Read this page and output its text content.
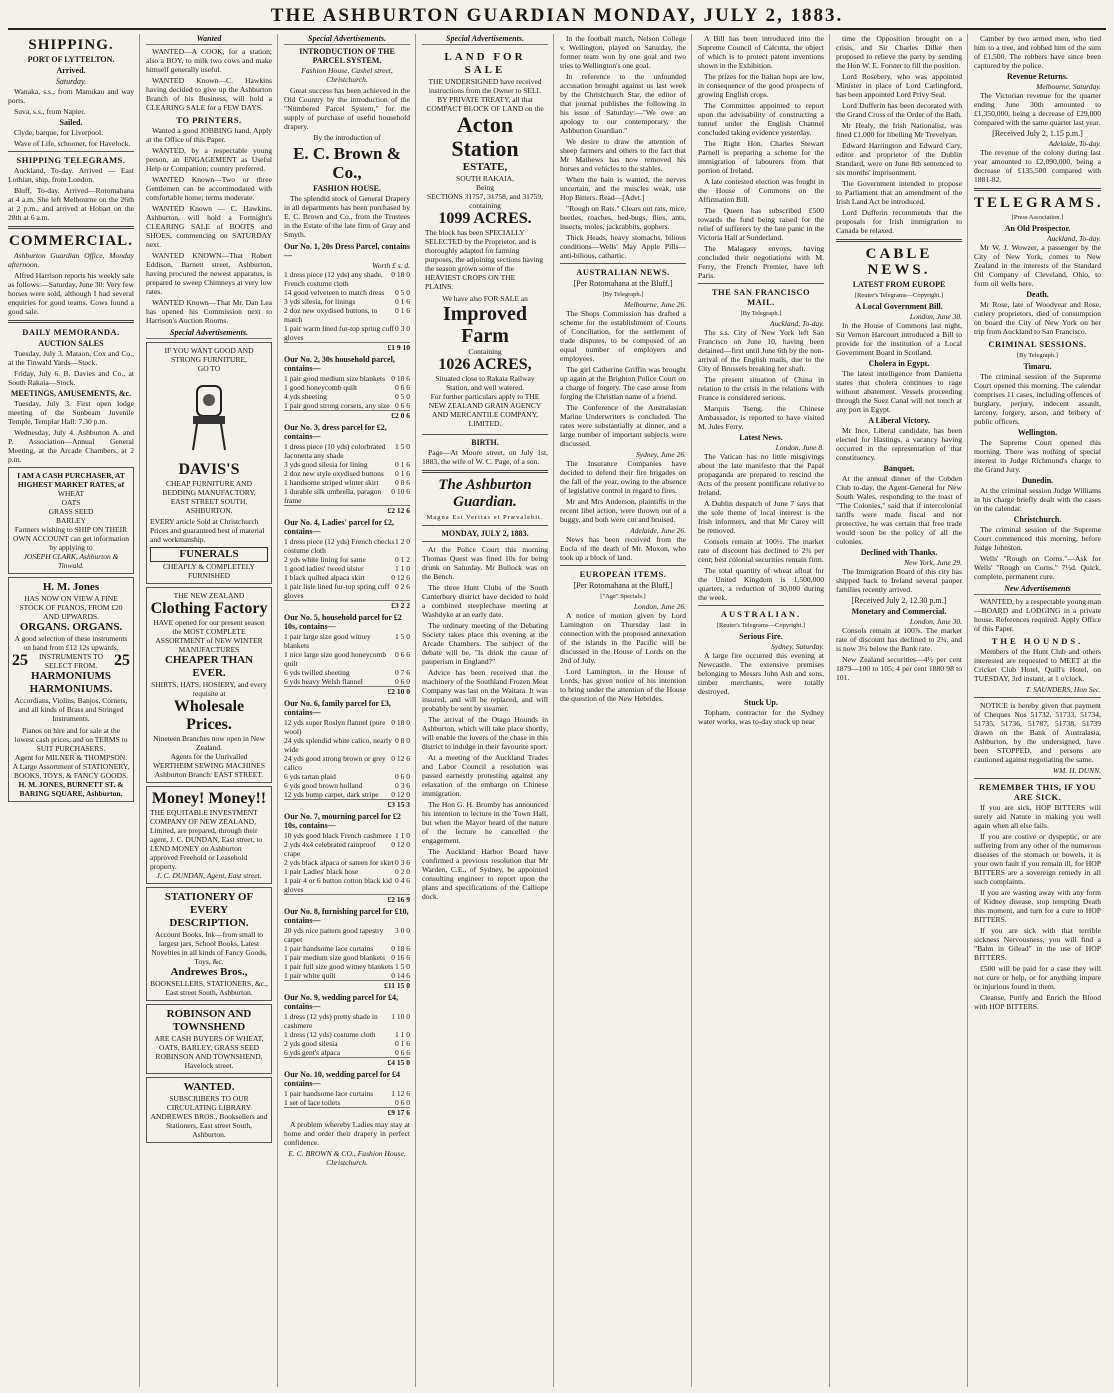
THE ASHBURTON GUARDIAN MONDAY, JULY 2, 1883.
SHIPPING.
PORT OF LYTTELTON.
Arrived.
Saturday.

Wanaka, s.s., from Manukau and way ports.

Suva, s.s., from Napier.

Sailed.

Clyde, barque, for Liverpool.

Wave of Life, schooner, for Havelock.

SHIPPING TELEGRAMS.

Auckland, To-day. Arrived — East Lothian, ship, from London.

Bluff, To-day. Arrived—Rotomahana at 4 a.m. She left Melbourne on the 26th at 2 p.m., and arrived at Hobart on the 28th at 6 a.m.

COMMERCIAL.

Ashburton Guardian Office, Monday afternoon.

Alfred Harrison reports his weekly sale as follows:—Saturday, June 30: Very few horses were sold, although I had several enquiries for good teams. Cows found a good sale.

DAILY MEMORANDA.
AUCTION SALES

Tuesday, July 3. Mataon, Cox and Co., at the Tinwald Yards—Stock.

Friday, July 6. B. Davies and Co., at South Rakaia—Stock.

MEETINGS, AMUSEMENTS, &c.

Tuesday, July 3. First open lodge meeting of the Sunbeam Juvenile Temple, Templar Hall: 7.30 p.m.

Wednesday, July 4. Ashburton A. and P. Association—Annual General Meeting, at the Arcade Chambers, at 2 p.m.

I AM A CASH PURCHASER, AT HIGHEST MARKET RATES, of
WHEAT
OATS
GRASS SEED
BARLEY
Farmers wishing to SHIP ON THEIR OWN ACCOUNT can get information by applying to
JOSEPH CLARK, Ashburton & Tinwald.
H. M. Jones
HAS NOW ON VIEW A FINE STOCK OF PIANOS, FROM £20 AND UPWARDS.
ORGANS. ORGANS.
A good selection of these instruments on hand from £12 12s upwards.
25	INSTRUMENTS TO SELECT FROM.	25
HARMONIUMS HARMONIUMS.
Accordians, Violins, Banjos, Cornets, and all kinds of Brass and Stringed Instruments.
Pianos on hire and for sale at the lowest cash prices, and on TERMS to SUIT PURCHASERS.
Agent for MILNER & THOMPSON.
A Large Assortment of STATIONERY, BOOKS, TOYS, & FANCY GOODS.
H. M. JONES, BURNETT ST. & BARING SQUARE, Ashburton.
Wanted

WANTED—A COOK, for a station; also a BOY, to milk two cows and make himself generally useful.

WANTED Known—C. Hawkins having decided to give up the Ashburton Branch of his Business, will hold a CLEARING SALE for a FEW DAYS.

TO PRINTERS.

Wanted a good JOBBING hand. Apply at the Office of this Paper.

WANTED, by a respectable young person, an ENGAGEMENT as Useful Help or Companion; country preferred.

WANTED Known—Two or three Gentlemen can be accommodated with comfortable home; terms moderate.

WANTED Known — C. Hawkins, Ashburton, will hold a Fortnight's CLEARING SALE of BOOTS and SHOES, commencing on SATURDAY next.

WANTED KNOWN—That Robert Eddison, Barnett street, Ashburton, having procured the newest apparatus, is prepared to sweep Chimneys at very low rates.

WANTED Known—That Mr. Dan Lea has opened his Commission next to Harrison's Auction Rooms.

Special Advertisements.
IF YOU WANT GOOD AND STRONG FURNITURE,
GO TO
DAVIS'S
CHEAP FURNITURE AND BEDDING MANUFACTORY,
EAST STREET SOUTH, ASHBURTON.
EVERY article Sold at Christchurch Prices and guaranteed best of material and workmanship.
FUNERALS
CHEAPLY & COMPLETELY FURNISHED
THE NEW ZEALAND
Clothing Factory
HAVE opened for our present season the MOST COMPLETE ASSORTMENT of NEW WINTER MANUFACTURES
CHEAPER THAN EVER.
SHIRTS, HATS, HOSIERY, and every requisite at
Wholesale Prices.
Nineteen Branches now open in New Zealand.
Agents for the Unrivalled WERTHEIM SEWING MACHINES
Ashburton Branch: EAST STREET.
Money! Money!!
THE EQUITABLE INVESTMENT COMPANY OF NEW ZEALAND, Limited, are prepared, through their agent, J. C. DUNDAN, East street, to LEND MONEY on Ashburton approved Freehold or Leasehold property.
J. C. DUNDAN, Agent, East street.
STATIONERY OF EVERY DESCRIPTION.
Account Books, Ink—from small to largest jars, School Books, Latest Novelties in all kinds of Fancy Goods, Toys, &c.
Andrewes Bros.,
BOOKSELLERS, STATIONERS, &c., East street South, Ashburton.
ROBINSON AND TOWNSHEND
ARE CASH BUYERS OF WHEAT, OATS, BARLEY, GRASS SEED
ROBINSON AND TOWNSHEND, Havelock street.
WANTED.
SUBSCRIBERS TO OUR CIRCULATING LIBRARY
ANDREWES BROS., Booksellers and Stationers, East street South, Ashburton.
Special Advertisements.
INTRODUCTION OF THE PARCEL SYSTEM.

Fashion House, Cashel street, Christchurch.

Great success has been achieved in the Old Country by the introduction of the "Numbered Parcel System," for the supply of purchase of useful household drapery.

By the introduction of

E. C. Brown & Co.,
FASHION HOUSE.

The splendid stock of General Drapery in all departments has been purchased by E. C. Brown and Co., from the Trustees in the Estate of the late firm of Gray and Smyth.

Our No. 1, 20s Dress Parcel, contains—
Worth £ s. d.
1 dress piece (12 yds) any shade, French costume cloth
0 18 0
14 good velveteen to match dress	0 5 0
3 yds silesia, for linings	0 1 6
2 doz new oxydised buttons, to match
0 1 6
1 pair warm lined fur-top spring cuff gloves
0 3 0
£1 9 10
Our No. 2, 30s household parcel, contains—
1 pair good medium size blankets 0 18 6
1 good honeycomb quilt	0 6 6
4 yds sheeting	0 5 0
1 pair good strong corsets, any size 0 6 6
£2 0 6
Our No. 3, dress parcel for £2, contains—
1 dress piece (10 yds) colorbrated Jaconetta any shade
1 5 0
3 yds good silesia for lining	0 1 6
2 doz new style oxydised buttons	0 1 6
1 handsome striped winter skirt	0 8 6
1 durable silk umbrella, paragon frame
0 10 6
£2 12 6
Our No. 4, Ladies' parcel for £2, contains—
1 dress piece (12 yds) French checks costume cloth
1 2 0
2 yds white lining for same	0 1 2
1 good ladies' tweed ulster	1 1 0
1 black quilted alpaca skirt	0 12 6
1 pair lisle lined fur-top spring cuff gloves
0 2 6
£3 2 2
Our No. 5, household parcel for £2 10s, contains—
1 pair large size good witney blankets
1 5 0
1 nice large size good honeycomb quilt
0 6 6
6 yds twilled sheeting	0 7 6
6 yds heavy Welsh flannel	0 6 0
£2 10 0
Our No. 6, family parcel for £3, contains—
12 yds super Roslyn flannel (pure wool)
0 18 0
24 yds splendid white calico, nearly wide
0 8 0
24 yds good strong brown or grey calico
0 12 6
6 yds tartan plaid	0 6 0
6 yds good brown holland	0 3 6
12 yds bump carpet, dark stripe	0 12 0
£3 15 3
Our No. 7, mourning parcel for £2 10s, contains—
10 yds good black French cashmere 1 1 0
2 yds 4x4 celebrated rainproof crape
0 12 0
2 yds black alpaca or sateen for skirt 0 3 6
1 pair Ladies' black hose	0 2 0
1 pair 4 or 6 button cotton black kid gloves
0 4 6
£2 16 9
Our No. 8, furnishing parcel for £10, contains—
20 yds nice pattern good tapestry carpet
3 0 0
1 pair handsome lace curtains	0 18 6
1 pair medium size good blankets 0 16 6
1 pair full size good witney blankets 1 5 0
1 pair white quilt	0 14 6
£11 15 0
Our No. 9, wedding parcel for £4, contains—
1 dress (12 yds) pretty shade in cashmere
1 10 0
1 dress (12 yds) costume cloth	1 1 0
2 yds good silesia	0 1 6
6 yds gent's alpaca	0 6 6
£4 15 0
Our No. 10, wedding parcel for £4 contains—
1 pair handsome lace curtains	1 12 6
1 set of lace toilets	0 6 0
£9 17 6

A problem whereby Ladies may stay at home and order their drapery in perfect confidence.

E. C. BROWN & CO., Fashion House, Christchurch.

Special Advertisements.
LAND FOR SALE
THE UNDERSIGNED have received instructions from the Owner to SELL BY PRIVATE TREATY, all that COMPACT BLOCK OF LAND on the
Acton Station
ESTATE,
SOUTH RAKAIA,
Being
SECTIONS 31757, 31758, and 31759, containing
1099 ACRES.
The block has been SPECIALLY SELECTED by the Proprietor, and is thoroughly adapted for farming purposes, the adjoining sections having the season grown some of the HEAVIEST CROPS ON THE PLAINS.
We have also FOR SALE an
Improved Farm
Containing
1026 ACRES,
Situated close to Rakaia Railway Station, and well watered.
For further particulars apply to THE NEW ZEALAND GRAIN AGENCY AND MERCANTILE COMPANY, LIMITED.
BIRTH.

Page—At Moore street, on July 1st, 1883, the wife of W. C. Page, of a son.

The Ashburton Guardian.
Magna Est Veritas et Prævalebit.
MONDAY, JULY 2, 1883.

At the Police Court this morning Thomas Quest was fined 10s for being drunk on Saturday. Mr Bullock was on the Bench.

The three Hunt Clubs of the South Canterbury district have decided to hold a combined steeplechase meeting at Washdyke at an early date.

The ordinary meeting of the Debating Society takes place this evening at the Arcade Chambers. The subject of the debate will be, "Is drink the cause of pauperism in England?"

Advice has been received that the machinery of the Southland Frozen Meat Company was last on the Waitara. It was insured, and will be replaced, and will probably be sent by steamer.

The arrival of the Otago Hounds in Ashburton, which will take place shortly, will enable the lovers of the chase in this district to indulge in their favourite sport.

At a meeting of the Auckland Trades and Labor Council a resolution was passed earnestly protesting against any relaxation of the embargo on Chinese immigration.

The Hon G. H. Bromby has announced his intention to lecture in the Town Hall, but when the Mayor heard of the nature of the lecture he cancelled the engagement.

The Auckland Harbor Board have confirmed a previous resolution that Mr Warden, C.E., of Sydney, be appointed consulting engineer to report upon the plans and specifications of the Calliope dock.

In the football match, Nelson College v. Wellington, played on Saturday, the former team won by one goal and two tries to Wellington's one goal.

In reference to the unfounded accusation brought against us last week by the Christchurch Star, the editor of that journal publishes the following in his issue of Saturday:—"We owe an apology to our contemporary, the Ashburton Guardian."

We desire to draw the attention of sheep farmers and others to the fact that Mr Mathews has now removed his horses and vehicles to the stables.

When the bain is wanted, the nerves uncertain, and the muscles weak, use Hop Bitters. Read—[Advt.]

"Rough on Rats." Clears out rats, mice, beetles, roaches, bed-bugs, flies, ants, insects, moles, jackrabbits, gophers.

Thick Heads, heavy stomachs, bilious conditions—Wells' May Apple Pills—anti-bilious, cathartic.

AUSTRALIAN NEWS.
[Per Rotomahana at the Bluff.]
[By Telegraph.]
Melbourne, June 26.

The Shops Commission has drafted a scheme for the establishment of Courts of Conciliation, for the settlement of trade disputes, to be composed of an equal number of employers and employees.

The girl Catherine Griffin was brought up again at the Brighton Police Court on a charge of forgery. The case arose from forging the Christian name of a friend.

The Conference of the Australasian Marine Underwriters is concluded. The rates were substantially at dinner, and a large number of important subjects were discussed.

Sydney, June 26.

The Insurance Companies have decided to defend their fire brigades on the fall of the year, owing to the absence of legislative control in regard to fires.

Mr and Mrs Anderson, plaintiffs in the recent libel action, were thrown out of a buggy, and both were cut and bruised.

Adelaide, June 26.

News has been received from the Eucla of the death of Mr. Moxon, who took up a block of land.

EUROPEAN ITEMS.
[Per Rotomahana at the Bluff.]
["Age" Specials.]
London, June 26.

A notice of motion given by Lord Lamington on Thursday last in connection with the proposed annexation of the islands in the Pacific will be discussed in the House of Lords on the 2nd of July.

Lord Lamington, in the House of Lords, has given notice of his intention to bring under the attention of the House the question of the New Hebrides.

A Bill has been introduced into the Supreme Council of Calcutta, the object of which is to protect patent inventions shown in the Exhibition.

The prizes for the Italian hops are low, in consequence of the good prospects of growing English crops.

The Committee appointed to report upon the advisability of constructing a tunnel under the English Channel concluded taking evidence yesterday.

The Right Hon. Charles Stewart Parnell is preparing a scheme for the immigration of labourers from that portion of Ireland.

A late contested election was fought in the House of Commons on the Affirmation Bill.

The Queen has subscribed £500 towards the fund being raised for the relief of sufferers by the late panic in the Victoria Hall at Sunderland.

The Malagasy envoys, having concluded their negotiations with M. Ferry, the French Premier, have left Paris.

THE SAN FRANCISCO MAIL.
[By Telegraph.]
Auckland, To-day.

The s.s. City of New York left San Francisco on June 10, having been detained—first until June 6th by the non-arrival of the English mails, due to the City of Brussels breaking her shaft.

The present situation of China in relation to the crisis in the relations with France is considered serious.

Marquis Tseng, the Chinese Ambassador, is reported to have visited M. Jules Ferry.

Latest News.
London, June 8.

The Vatican has no little misgivings about the late manifesto that the Papal propaganda are prepared to rescind the Acts of the present pontificate relative to Ireland.

A Dublin despatch of June 7 says that the sole theme of local interest is the Irish informers, and that Mr Carey will be removed.

Consols remain at 100½. The market rate of discount has declined to 2¾ per cent; best colonial securities remain firm.

The total quantity of wheat afloat for the United Kingdom is 1,500,000 quarters, a reduction of 30,000 during the week.

AUSTRALIAN.
[Reuter's Telegrams—Copyright.]
Serious Fire.
Sydney, Saturday.

A large fire occurred this evening at Newcastle. The extensive premises belonging to Messrs John Ash and sons, timber merchants, were totally destroyed.

Stuck Up.

Topham, contractor for the Sydney water works, was to-day stuck up near

time the Opposition brought on a crisis, and Sir Charles Dilke then proposed to relieve the party by sending the Hon W. E. Forster to fill the position.

Lord Rosebery, who was appointed Minister in place of Lord Carlingford, has been appointed Lord Privy Seal.

Lord Dufferin has been decorated with the Grand Cross of the Order of the Bath.

Mr Healy, the Irish Nationalist, was fined £1,000 for libelling Mr Trevelyan.

Edward Harrington and Edward Cary, editor and proprietor of the Dublin Standard, were on June 8th sentenced to six months' imprisonment.

The Government intended to propose to Parliament that an amendment of the Irish Land Act be introduced.

Lord Dufferin recommends that the proposals for Irish immigration to Canada be relaxed.

CABLE NEWS.
LATEST FROM EUROPE
[Reuter's Telegrams—Copyright.]
A Local Government Bill.
London, June 30.

In the House of Commons last night, Sir Vernon Harcourt introduced a Bill to provide for the institution of a Local Government Board in Scotland.

Cholera in Egypt.

The latest intelligence from Damietta states that cholera continues to rage without abatement. Vessels proceeding through the Suez Canal will not touch at any port in Egypt.

A Liberal Victory.

Mr Ince, Liberal candidate, has been elected for Hastings, a vacancy having occurred in the representation of that constituency.

Banquet.

At the annual dinner of the Cobden Club to-day, the Agent-General for New South Wales, responding to the toast of "The Colonies," said that if intercolonial tariffs were made fiscal and not protective, he was certain that free trade would soon be the policy of all the colonies.

Declined with Thanks.
New York, June 29.

The Immigration Board of this city has shipped back to Ireland several pauper families recently arrived.

[Received July 2, 12.30 p.m.]
Monetary and Commercial.
London, June 30.

Consols remain at 100⅞. The market rate of discount has declined to 2¾, and is now 3¼ below the Bank rate.

New Zealand securities—4½ per cent 1879—100 to 105; 4 per cent 1880 98 to 101.

Camber by two armed men, who tied him to a tree, and robbed him of the sum of £1,500. The robbers have since been captured by the police.

Revenue Returns.
Melbourne, Saturday.

The Victorian revenue for the quarter ending June 30th amounted to £1,350,000, being a decrease of £29,000 compared with the same quarter last year.

[Received July 2, 1.15 p.m.]
Adelaide, To-day.

The revenue of the colony during last year amounted to £2,090,000, being a decrease of £135,500 compared with 1881-82.

TELEGRAMS.
[Press Association.]
An Old Prospector.
Auckland, To-day.

Mr W. J. Wowzer, a passenger by the City of New York, comes to New Zealand in the interests of the Standard Oil Company of Cleveland, Ohio, to form oil wells here.

Death.

Mr Rose, late of Woodyear and Rose, cutlery proprietors, died of consumption on board the City of New York on her trip from Auckland to San Francisco.

CRIMINAL SESSIONS.
[By Telegraph.]
Timaru.

The criminal session of the Supreme Court opened this morning. The calendar comprises 11 cases, including offences of burglary, perjury, indecent assault, larceny, forgery, arson, and bribery of public officers.

Wellington.

The Supreme Court opened this morning. There was nothing of special interest in Judge Richmond's charge to the Grand Jury.

Dunedin.

At the criminal session Judge Williams in his charge briefly dealt with the cases on the calendar.

Christchurch.

The criminal session of the Supreme Court commenced this morning, before Judge Johnston.

Wells' "Rough on Corns."—Ask for Wells' "Rough on Corns." 7½d. Quick, complete, permanent cure.

New Advertisements

WANTED, by a respectable young man—BOARD and LODGING in a private house. References required. Apply Office of this Paper.

THE HOUNDS.

Members of the Hunt Club and others interested are requested to MEET at the Cricket Club Hotel, Quill's Hotel, on TUESDAY, 3rd instant, at 1 o'clock.

T. SAUNDERS, Hon Sec.

NOTICE is hereby given that payment of Cheques Nos 51732, 51733, 51734, 51735, 51736, 51787, 51738, 51739 drawn on the Bank of Australasia, Ashburton, by the undersigned, have been STOPPED, and persons are cautioned against negotiating the same.

WM. H. DUNN.
REMEMBER THIS, IF YOU ARE SICK.

If you are sick, HOP BITTERS will surely aid Nature in making you well again when all else fails.

If you are costive or dyspeptic, or are suffering from any other of the numerous diseases of the stomach or bowels, it is your own fault if you remain ill, for HOP BITTERS are a sovereign remedy in all such complaints.

If you are wasting away with any form of Kidney disease, stop tempting Death this moment, and turn for a cure to HOP BITTERS.

If you are sick with that terrible sickness Nervousness, you will find a "Balm in Gilead" in the use of HOP BITTERS.

£500 will be paid for a case they will not cure or help, or for anything impure or injurious found in them.

Cleanse, Purify and Enrich the Blood with HOP BITTERS.
